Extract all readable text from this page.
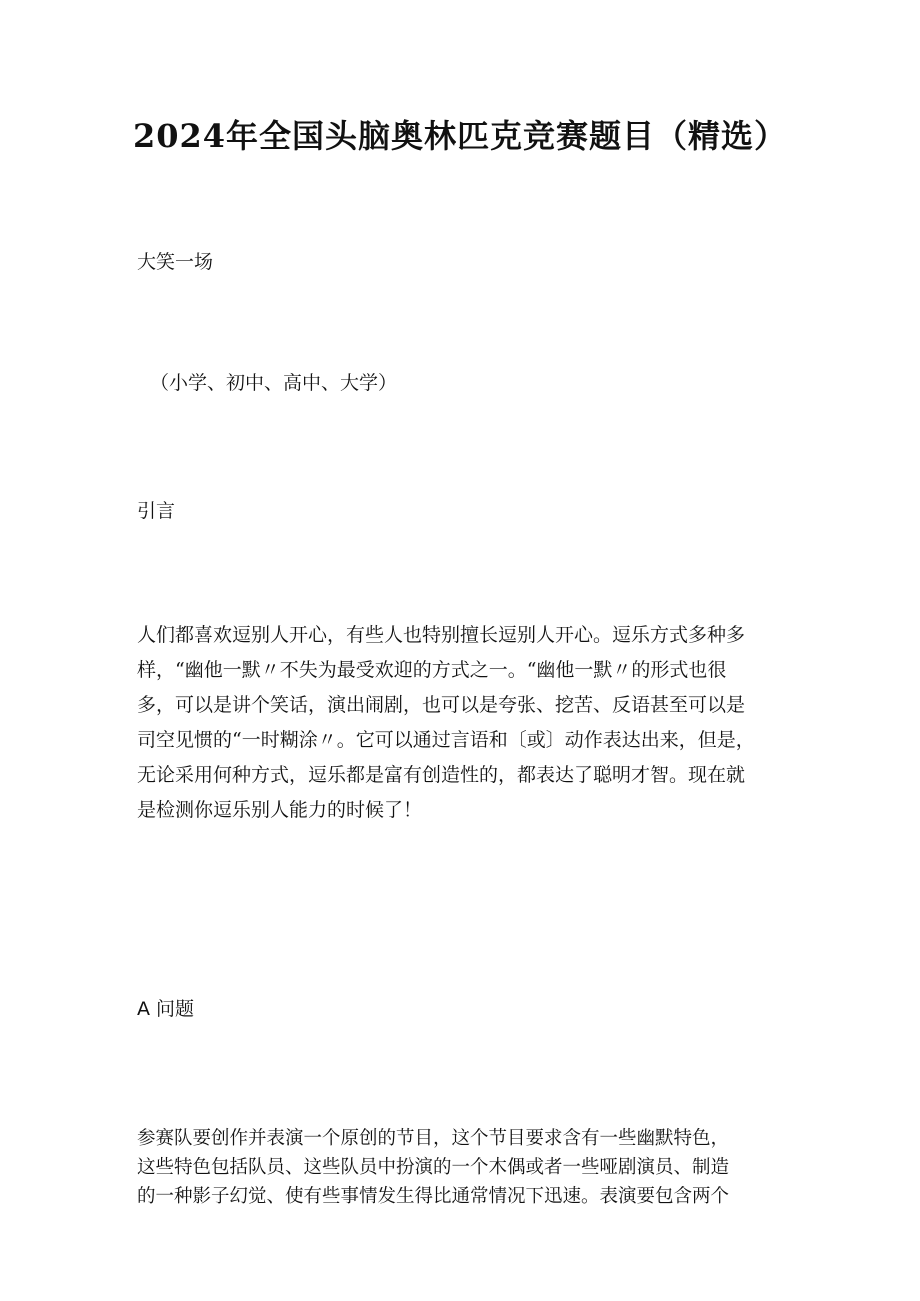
2024年全国头脑奥林匹克竞赛题目（精选）
大笑一场
（小学、初中、高中、大学）
引言
人们都喜欢逗别人开心，有些人也特别擅长逗别人开心。逗乐方式多种多
样，“幽他一默〃不失为最受欢迎的方式之一。“幽他一默〃的形式也很
多，可以是讲个笑话，演出闹剧，也可以是夸张、挖苦、反语甚至可以是
司空见惯的“一时糊涂〃。它可以通过言语和〔或〕动作表达出来，但是，
无论采用何种方式，逗乐都是富有创造性的，都表达了聪明才智。现在就
是检测你逗乐别人能力的时候了！
A 问题
参赛队要创作并表演一个原创的节目，这个节目要求含有一些幽默特色，
这些特色包括队员、这些队员中扮演的一个木偶或者一些哑剧演员、制造
的一种影子幻觉、使有些事情发生得比通常情况下迅速。表演要包含两个
